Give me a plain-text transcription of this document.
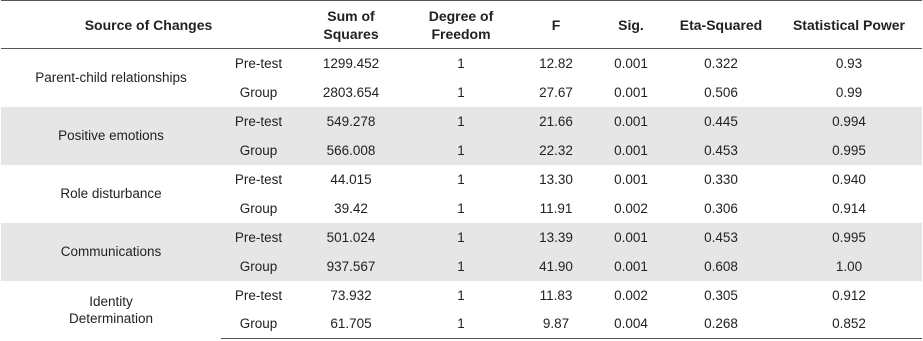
Source of Changes		Sum of Squares	Degree of Freedom	F	Sig.	Eta-Squared	Statistical Power
Parent-child relationships	Pre-test	1299.452	1	12.82	0.001	0.322	0.93
	Group	2803.654	1	27.67	0.001	0.506	0.99
Positive emotions	Pre-test	549.278	1	21.66	0.001	0.445	0.994
	Group	566.008	1	22.32	0.001	0.453	0.995
Role disturbance	Pre-test	44.015	1	13.30	0.001	0.330	0.940
	Group	39.42	1	11.91	0.002	0.306	0.914
Communications	Pre-test	501.024	1	13.39	0.001	0.453	0.995
	Group	937.567	1	41.90	0.001	0.608	1.00
Identity Determination	Pre-test	73.932	1	11.83	0.002	0.305	0.912
	Group	61.705	1	9.87	0.004	0.268	0.852
